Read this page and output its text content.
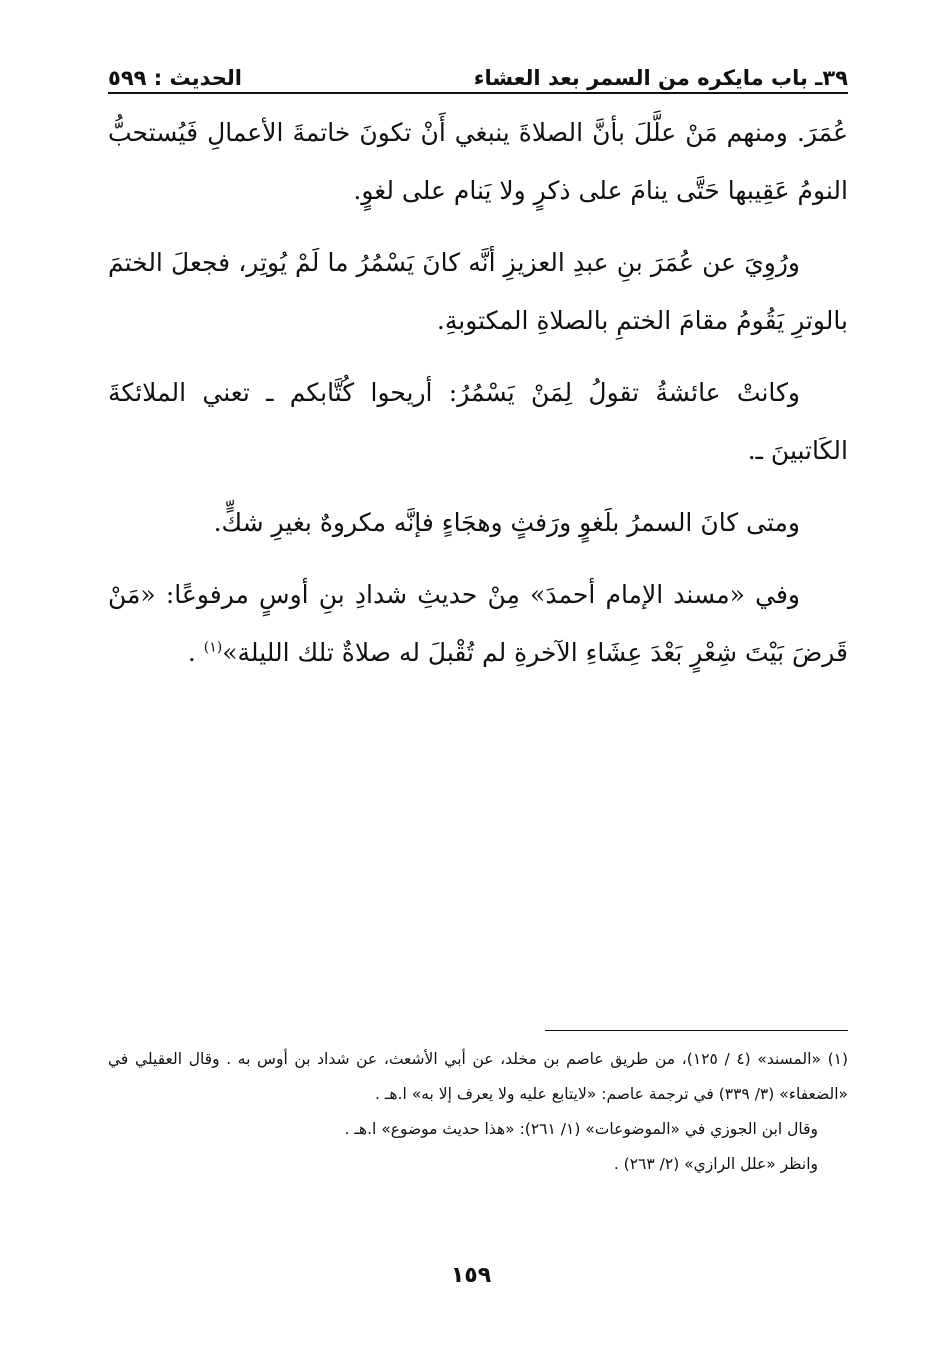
٣٩ـ باب مايكره من السمر بعد العشاء
الحديث : ٥٩٩

عُمَرَ. ومنهم مَنْ علَّلَ بأنَّ الصلاةَ ينبغي أَنْ تكونَ خاتمةَ الأعمالِ فَيُستحبُّ النومُ عَقِيبها حَتَّى ينامَ على ذكرٍ ولا يَنام على لغوٍ.

ورُوِيَ عن عُمَرَ بنِ عبدِ العزيزِ أنَّه كانَ يَسْمُرُ ما لَمْ يُوتِر، فجعلَ الختمَ بالوترِ يَقُومُ مقامَ الختمِ بالصلاةِ المكتوبةِ.

وكانتْ عائشةُ تقولُ لِمَنْ يَسْمُرُ: أريحوا كُتَّابكم ـ تعني الملائكةَ الكَاتبينَ ـ.

ومتى كانَ السمرُ بلَغوٍ ورَفثٍ وهجَاءٍ فإنَّه مكروهٌ بغيرِ شكٍّ.

وفي «مسند الإمام أحمدَ» مِنْ حديثِ شدادِ بنِ أوسٍ مرفوعًا: «مَنْ قَرضَ بَيْتَ شِعْرٍ بَعْدَ عِشَاءِ الآخرةِ لم تُقْبلَ له صلاةٌ تلك الليلة»$^{(١)}$ .

(١) «المسند» (٤ / ١٢٥)، من طريق عاصم بن مخلد، عن أبي الأشعث، عن شداد بن أوس به . وقال العقيلي في «الضعفاء» (٣/ ٣٣٩) في ترجمة عاصم: «لايتابع عليه ولا يعرف إلا به» ا.هـ .

وقال ابن الجوزي في «الموضوعات» (١/ ٢٦١): «هذا حديث موضوع» ا.هـ .

وانظر «علل الرازي» (٢/ ٢٦٣) .

١٥٩
